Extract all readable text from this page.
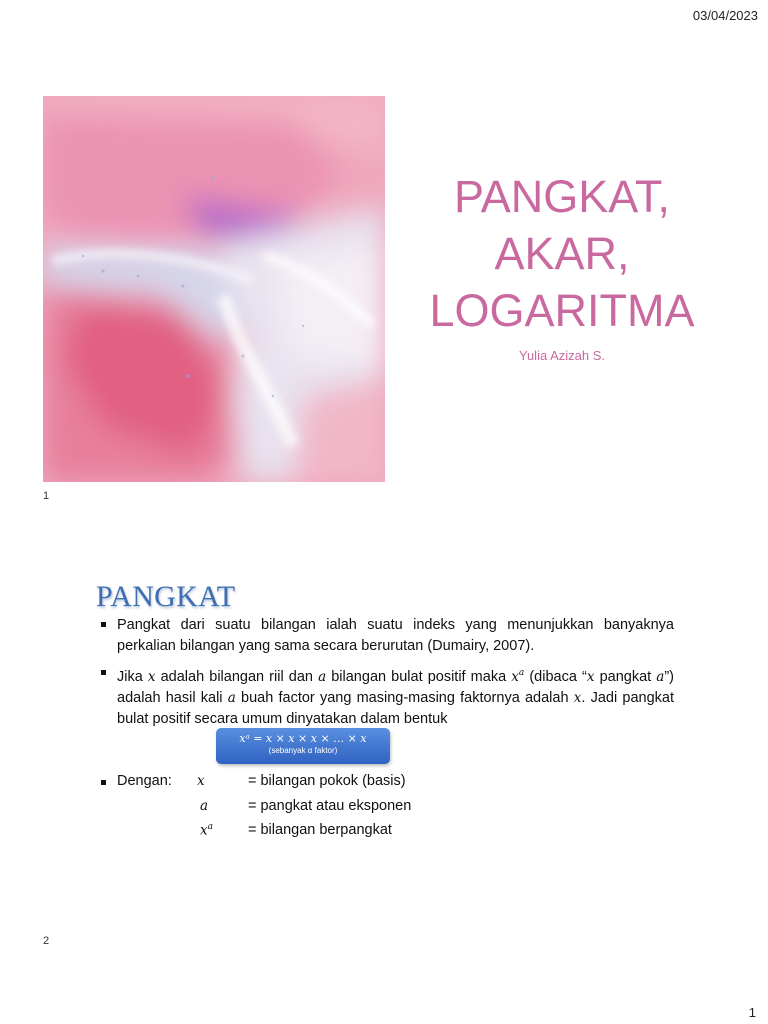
03/04/2023
PANGKAT,
AKAR,
LOGARITMA
Yulia Azizah S.
1
PANGKAT
Pangkat dari suatu bilangan ialah suatu indeks yang menunjukkan banyaknya perkalian bilangan yang sama secara berurutan (Dumairy, 2007).
Jika x adalah bilangan riil dan a bilangan bulat positif maka $x^a$ (dibaca “x pangkat a”) adalah hasil kali a buah factor yang masing-masing faktornya adalah x. Jadi pangkat bulat positif secara umum dinyatakan dalam bentuk
xᵃ = x × x × x × … × x
(sebanyak α faktor)
Dengan: x	= bilangan pokok (basis)
a	= pangkat atau eksponen
$x^a$ = bilangan berpangkat
2
1
